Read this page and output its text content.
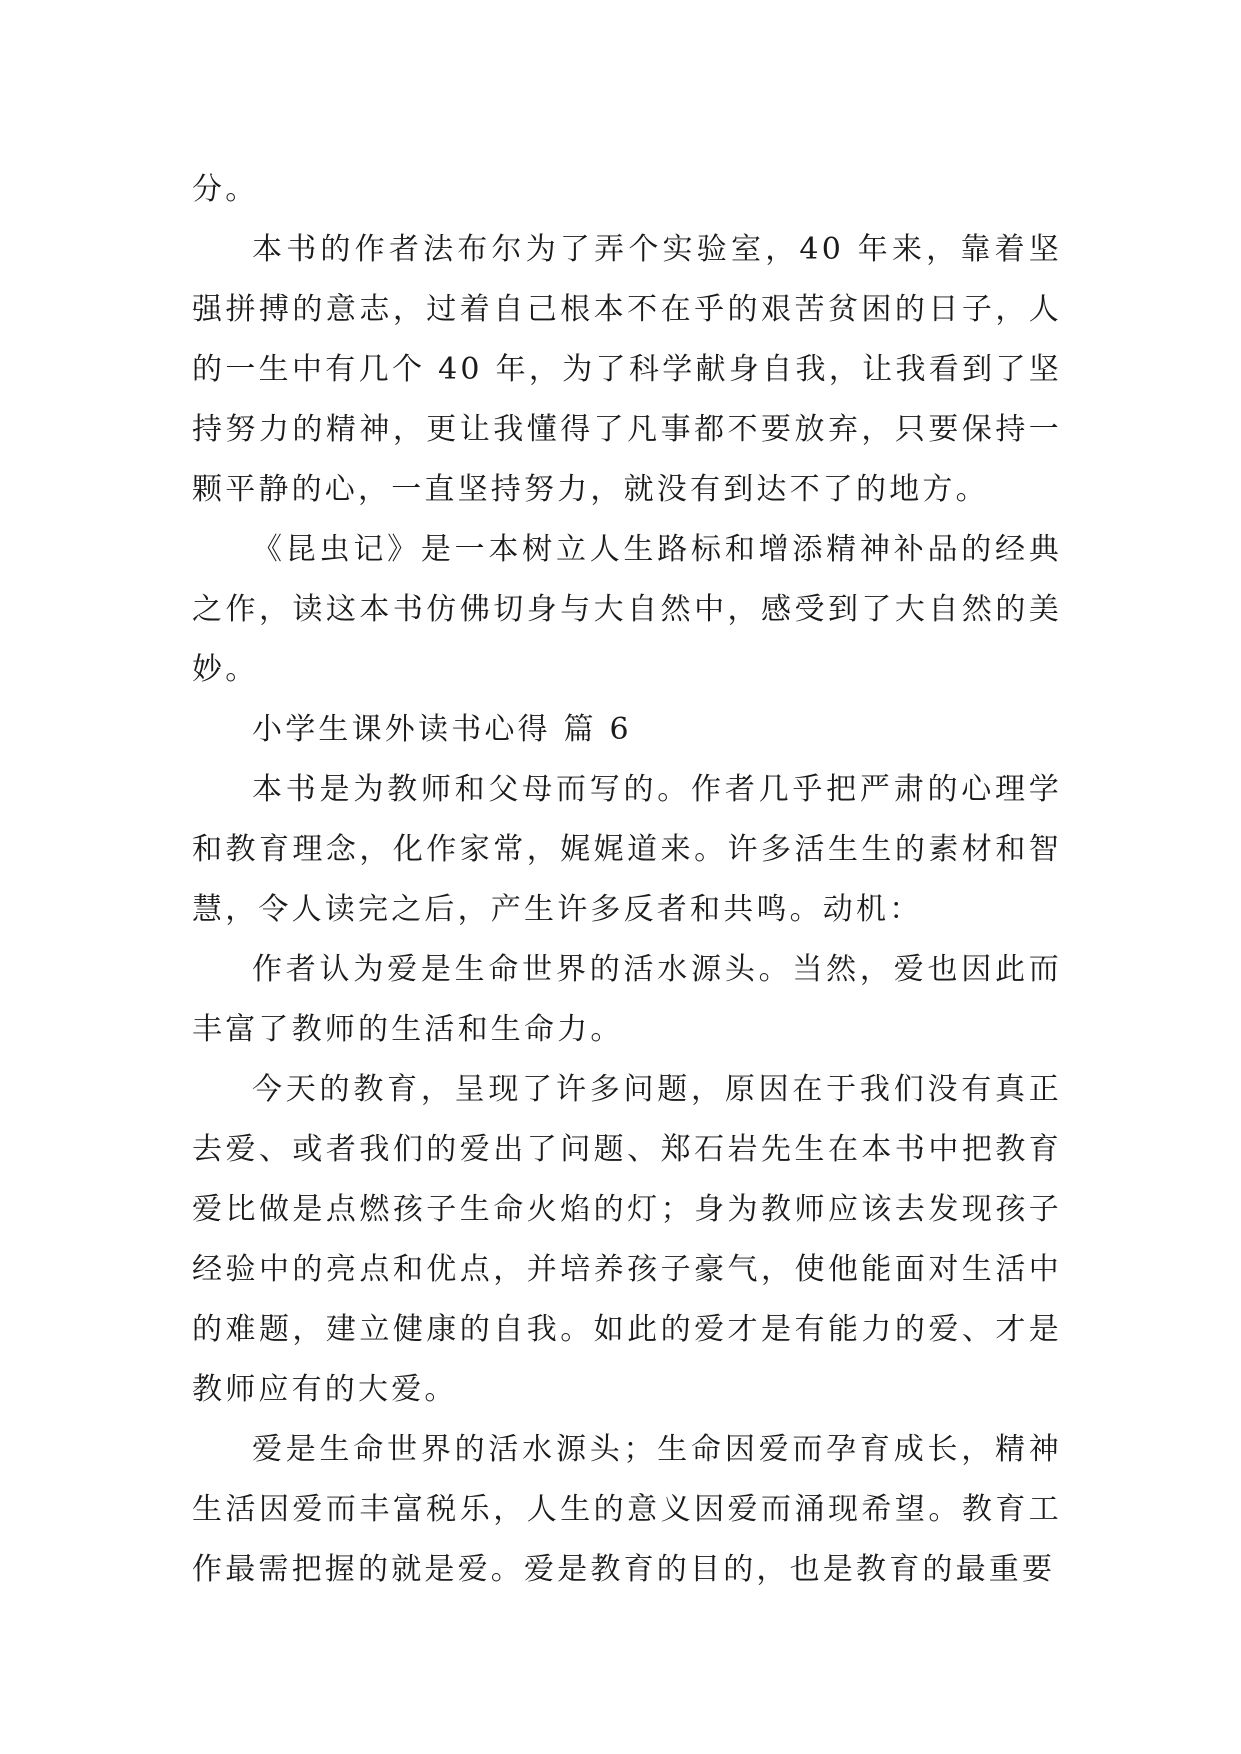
分。

本书的作者法布尔为了弄个实验室，40 年来，靠着坚强拼搏的意志，过着自己根本不在乎的艰苦贫困的日子，人的一生中有几个 40 年，为了科学献身自我，让我看到了坚持努力的精神，更让我懂得了凡事都不要放弃，只要保持一颗平静的心，一直坚持努力，就没有到达不了的地方。

《昆虫记》是一本树立人生路标和增添精神补品的经典之作，读这本书仿佛切身与大自然中，感受到了大自然的美妙。

小学生课外读书心得 篇 6

本书是为教师和父母而写的。作者几乎把严肃的心理学和教育理念，化作家常，娓娓道来。许多活生生的素材和智慧，令人读完之后，产生许多反者和共鸣。动机：

作者认为爱是生命世界的活水源头。当然，爱也因此而丰富了教师的生活和生命力。

今天的教育，呈现了许多问题，原因在于我们没有真正去爱、或者我们的爱出了问题、郑石岩先生在本书中把教育爱比做是点燃孩子生命火焰的灯；身为教师应该去发现孩子经验中的亮点和优点，并培养孩子豪气，使他能面对生活中的难题，建立健康的自我。如此的爱才是有能力的爱、才是教师应有的大爱。

爱是生命世界的活水源头；生命因爱而孕育成长，精神生活因爱而丰富税乐，人生的意义因爱而涌现希望。教育工作最需把握的就是爱。爱是教育的目的，也是教育的最重要
